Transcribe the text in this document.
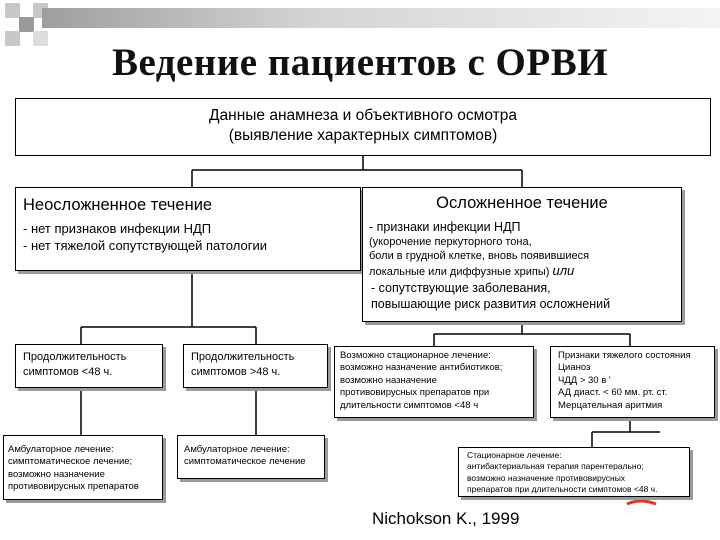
Ведение пациентов с ОРВИ
Данные анамнеза и объективного осмотра
(выявление характерных симптомов)
Неосложненное течение
- нет признаков инфекции НДП
- нет тяжелой сопутствующей патологии
Осложненное течение
- признаки инфекции НДП
(укорочение перкуторного тона,
боли в грудной клетке, вновь появившиеся
локальные или диффузные хрипы) или
- сопутствующие заболевания,
повышающие риск развития осложнений
Продолжительность
симптомов <48 ч.
Продолжительность
симптомов >48 ч.
Возможно стационарное лечение:
возможно назначение антибиотиков;
возможно назначение
противовирусных препаратов при
длительности симптомов <48 ч
Признаки тяжелого состояния
Цианоз
ЧДД > 30 в '
АД диаст. < 60 мм. рт. ст.
Мерцательная аритмия
Амбулаторное лечение:
симптоматическое лечение;
возможно назначение
противовирусных препаратов
Амбулаторное лечение:
симптоматическое лечение
Стационарное лечение:
антибактериальная терапия парентерально;
возможно назначение противовирусных
препаратов при длительности симптомов <48 ч.
Nichokson K., 1999
